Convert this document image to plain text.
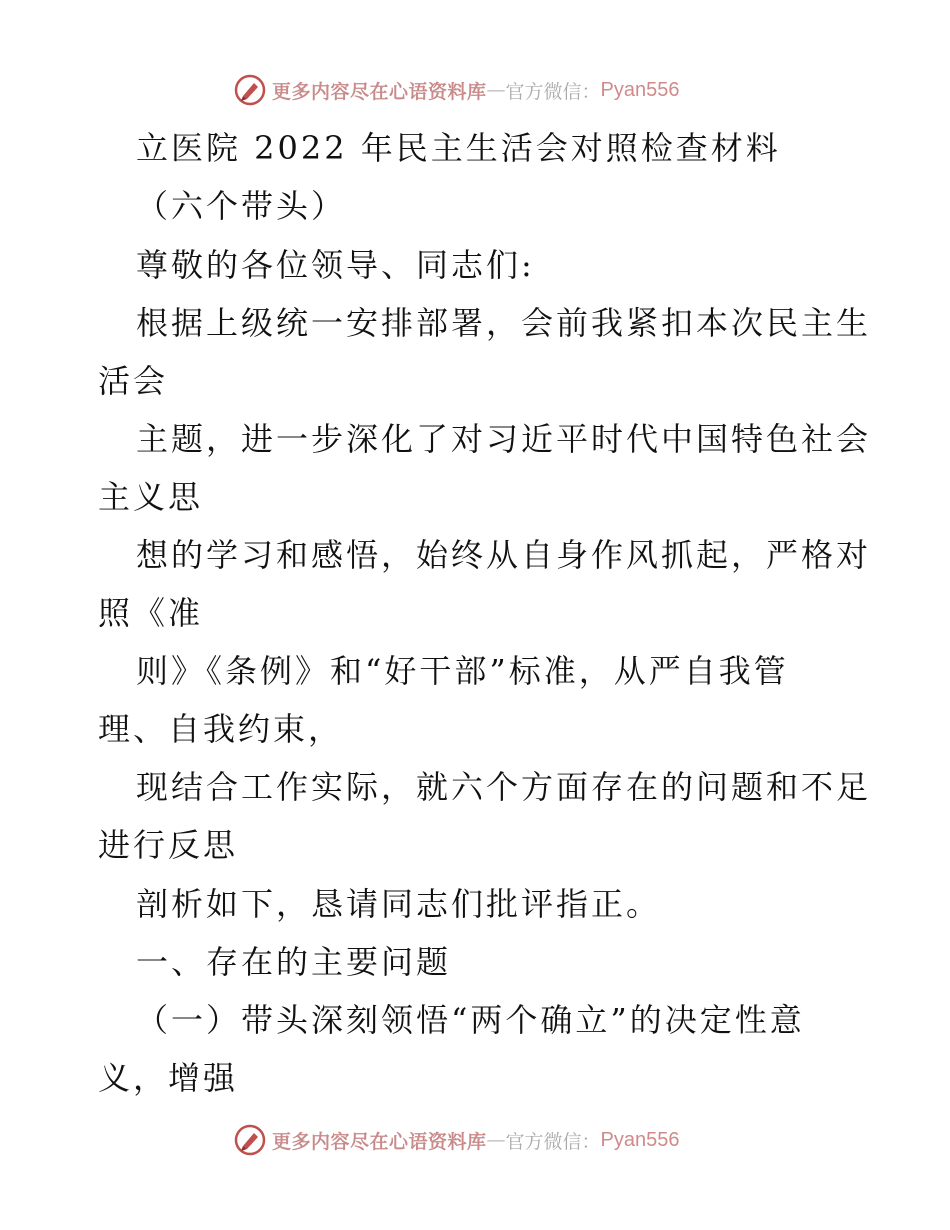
更多内容尽在心语资料库 — 官方微信： Pyan556
立医院 2022 年民主生活会对照检查材料
（六个带头）
尊敬的各位领导、同志们:
根据上级统一安排部署，会前我紧扣本次民主生
活会
主题，进一步深化了对习近平时代中国特色社会
主义思
想的学习和感悟，始终从自身作风抓起，严格对
照《准
则》《条例》和“好干部”标准，从严自我管
理、自我约束，
现结合工作实际，就六个方面存在的问题和不足
进行反思
剖析如下，恳请同志们批评指正。
一、存在的主要问题
（一）带头深刻领悟“两个确立”的决定性意
义，增强
更多内容尽在心语资料库 — 官方微信： Pyan556
